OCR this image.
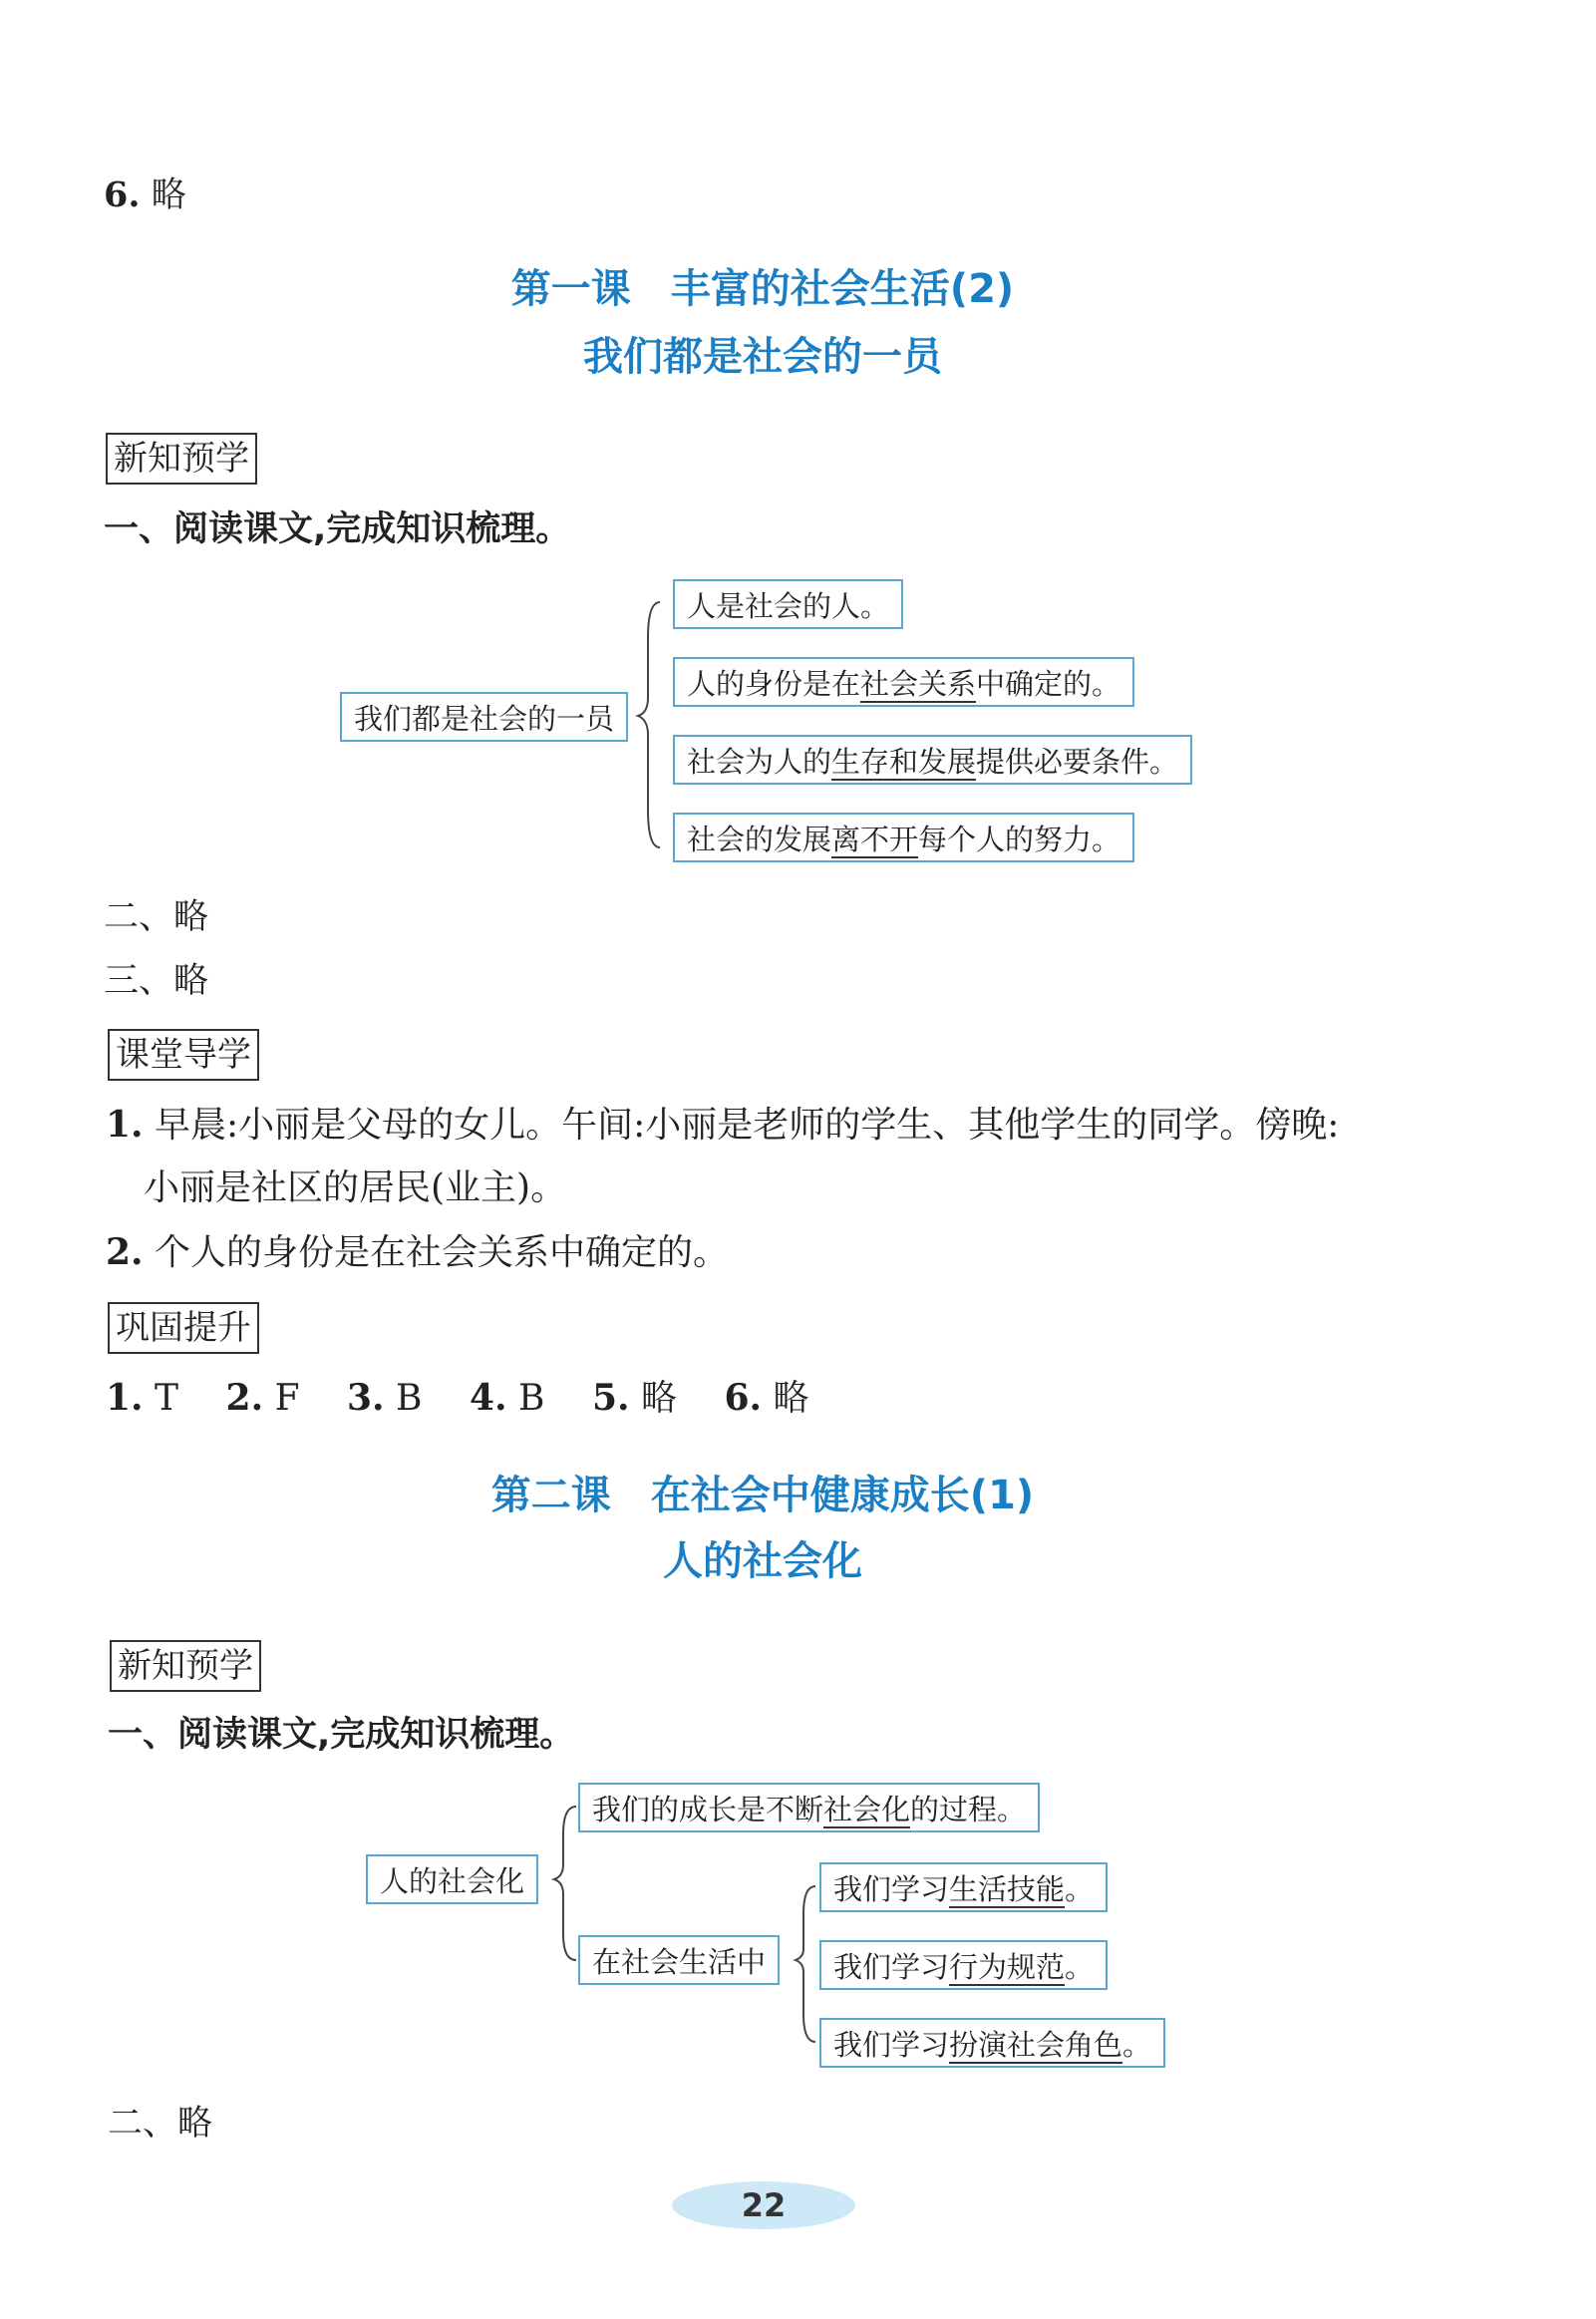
6. 略
第一课　丰富的社会生活(2)
我们都是社会的一员
新知预学
一、阅读课文,完成知识梳理。
我们都是社会的一员
人是社会的人。
人的身份是在社会关系中确定的。
社会为人的生存和发展提供必要条件。
社会的发展离不开每个人的努力。
二、略
三、略
课堂导学
1. 早晨:小丽是父母的女儿。午间:小丽是老师的学生、其他学生的同学。傍晚:
小丽是社区的居民(业主)。
2. 个人的身份是在社会关系中确定的。
巩固提升
1. T 2. F 3. B 4. B 5. 略 6. 略
第二课　在社会中健康成长(1)
人的社会化
新知预学
一、阅读课文,完成知识梳理。
人的社会化
我们的成长是不断社会化的过程。
在社会生活中
我们学习生活技能。
我们学习行为规范。
我们学习扮演社会角色。
二、略
22
